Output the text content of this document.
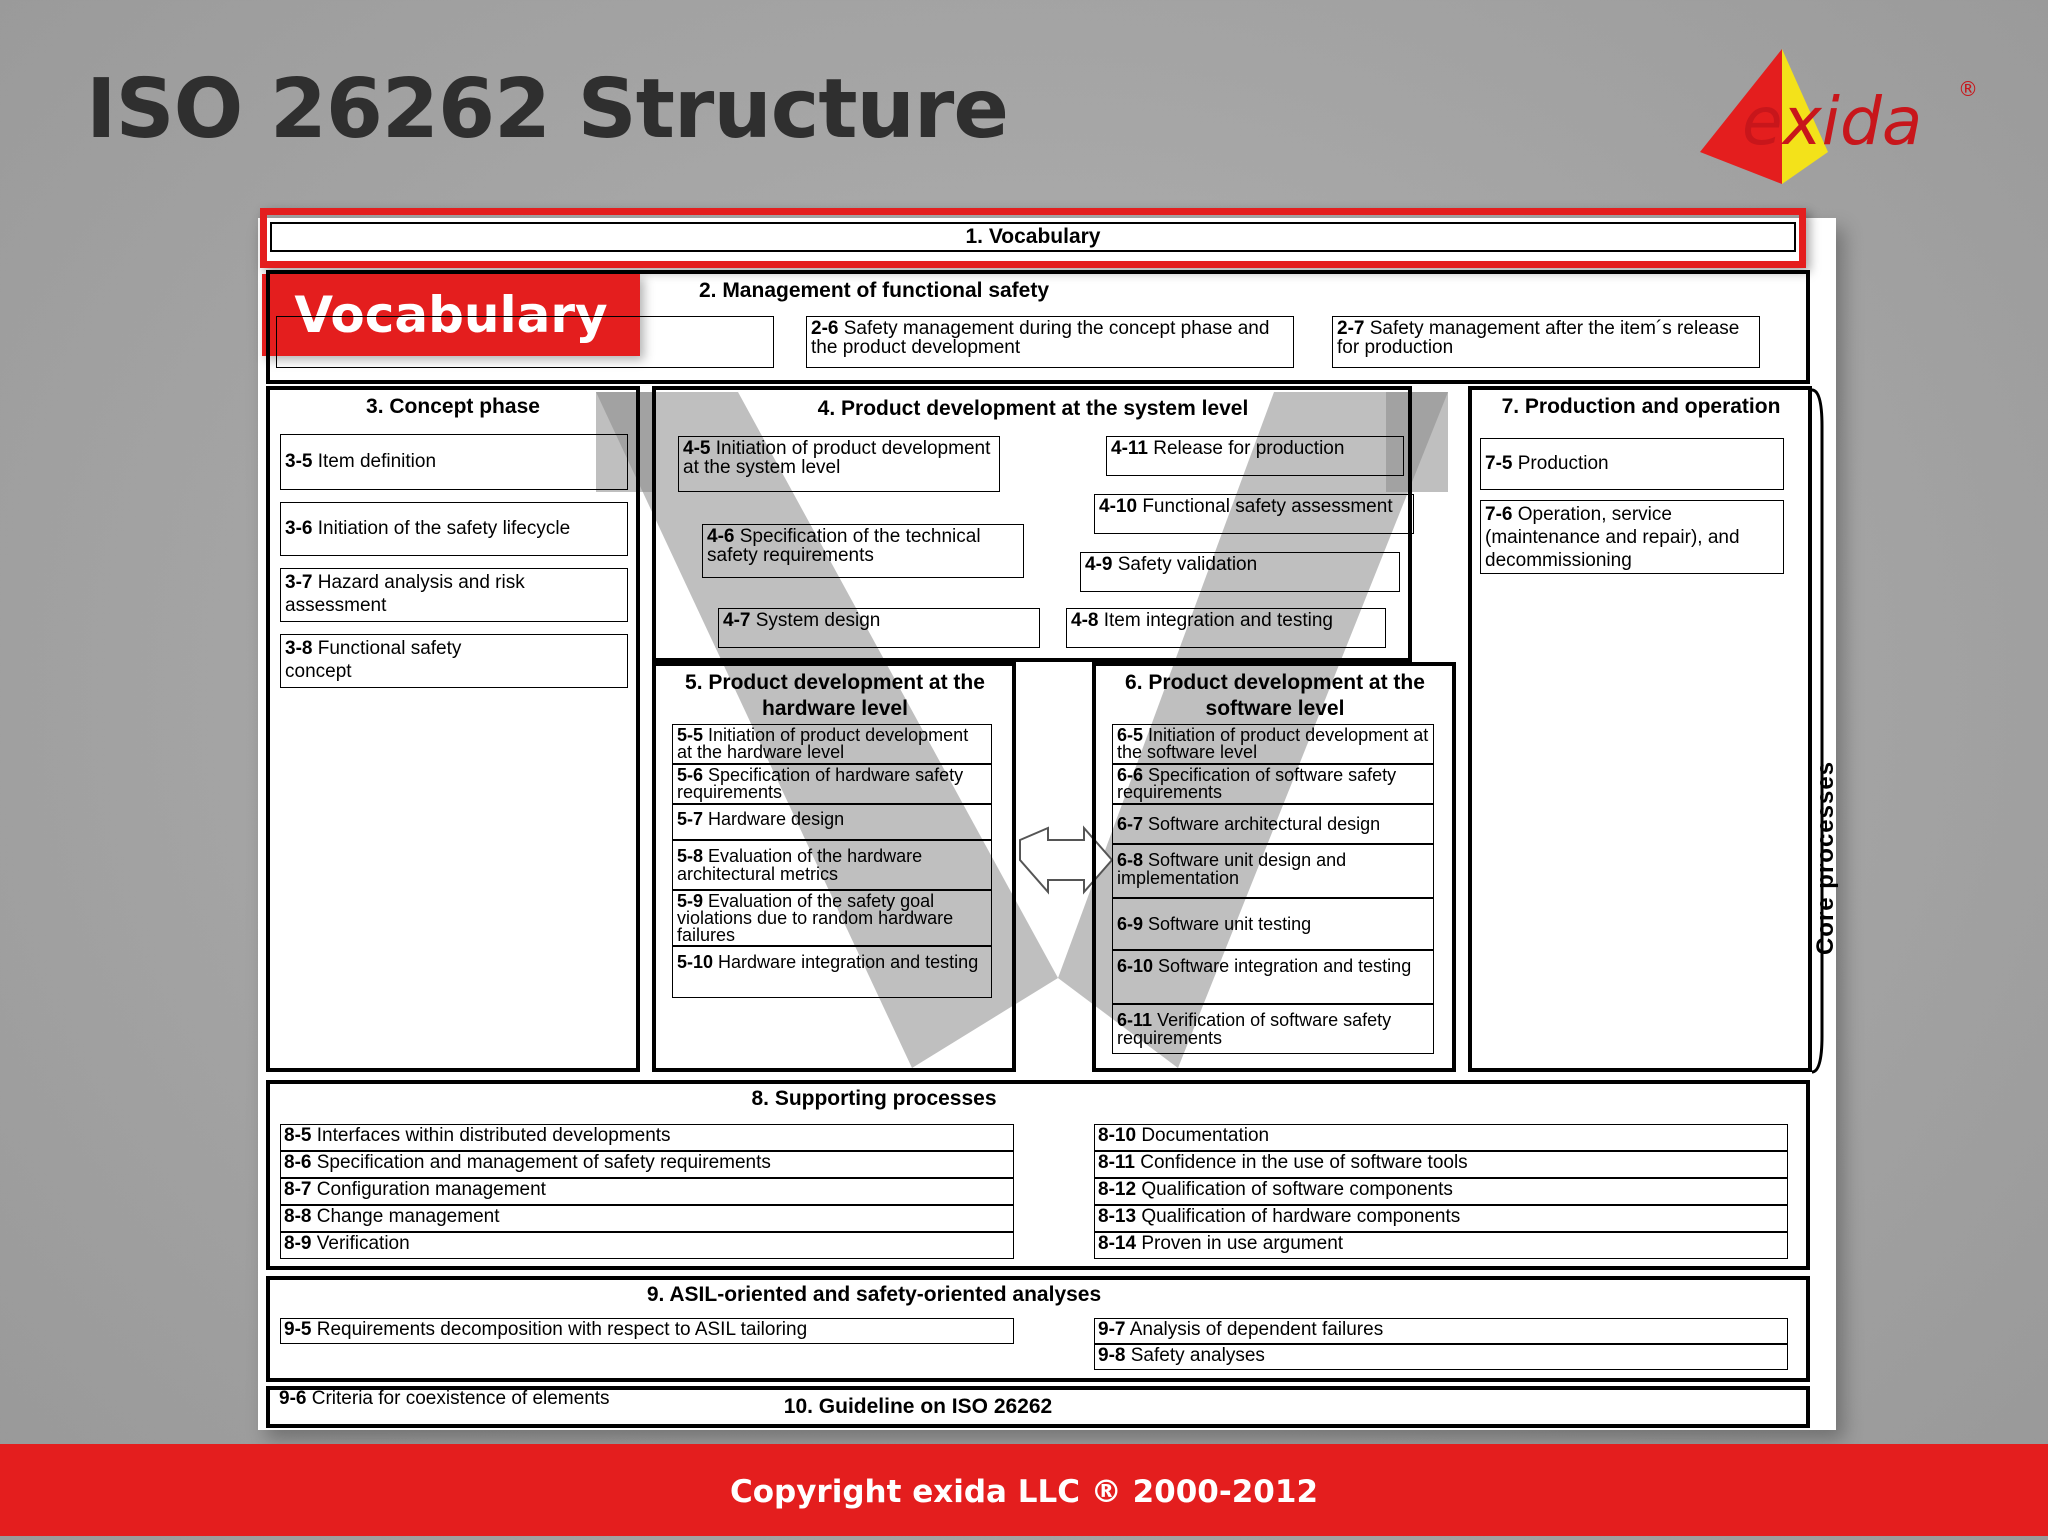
ISO 26262 Structure	exida ®
1. Vocabulary
Vocabulary	2. Management of functional safety
2-6 Safety management during the concept phase and the product development
2-7 Safety management after the item´s release for production
3. Concept phase
3-5 Item definition
3-6 Initiation of the safety lifecycle
3-7 Hazard analysis and risk assessment
3-8 Functional safety concept
4. Product development at the system level
4-5 Initiation of product development at the system level
4-6 Specification of the technical safety requirements
4-7 System design	4-8 Item integration and testing
4-9 Safety validation
4-10 Functional safety assessment
4-11 Release for production
5. Product development at the hardware level
5-5 Initiation of product development at the hardware level
5-6 Specification of hardware safety requirements
5-7 Hardware design
5-8 Evaluation of the hardware architectural metrics
5-9 Evaluation of the safety goal violations due to random hardware failures
5-10 Hardware integration and testing
6. Product development at the software level
6-5 Initiation of product development at the software level
6-6 Specification of software safety requirements
6-7 Software architectural design
6-8 Software unit design and implementation
6-9 Software unit testing
6-10 Software integration and testing
6-11 Verification of software safety requirements
7. Production and operation
7-5 Production
7-6 Operation, service (maintenance and repair), and decommissioning
Core processes
8. Supporting processes
8-5 Interfaces within distributed developments
8-6 Specification and management of safety requirements
8-7 Configuration management
8-8 Change management
8-9 Verification
8-10 Documentation
8-11 Confidence in the use of software tools
8-12 Qualification of software components
8-13 Qualification of hardware components
8-14 Proven in use argument
9. ASIL-oriented and safety-oriented analyses
9-5 Requirements decomposition with respect to ASIL tailoring	9-7 Analysis of dependent failures
9-8 Safety analyses
9-6 Criteria for coexistence of elements	10. Guideline on ISO 26262
Copyright exida LLC ® 2000-2012
